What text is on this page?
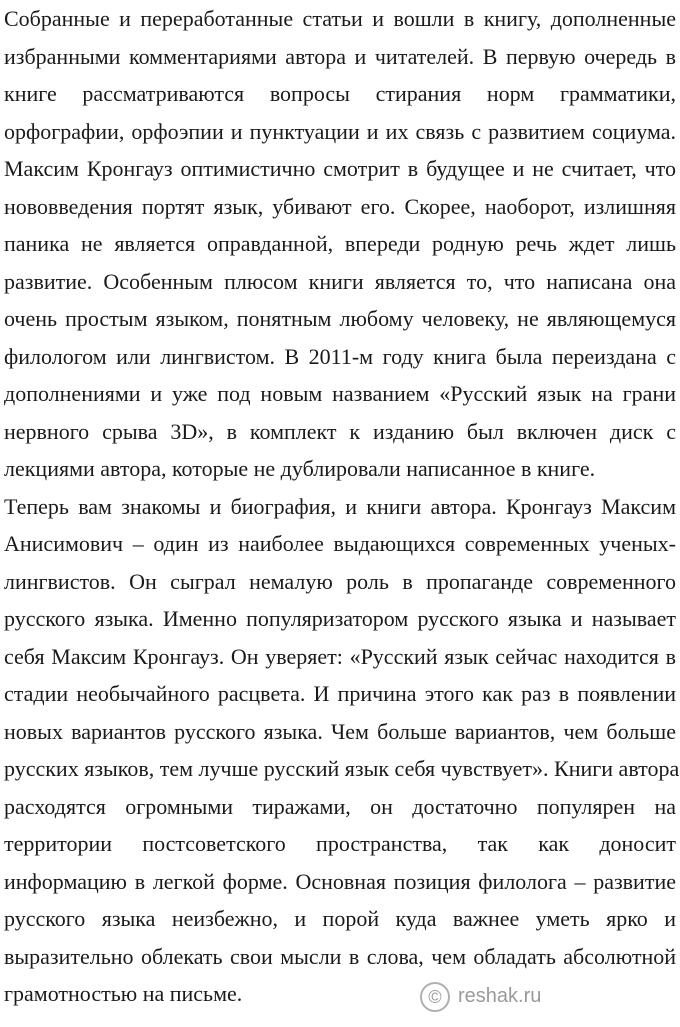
Собранные и переработанные статьи и вошли в книгу, дополненные
избранными комментариями автора и читателей. В первую очередь в
книге рассматриваются вопросы стирания норм грамматики,
орфографии, орфоэпии и пунктуации и их связь с развитием социума.
Максим Кронгауз оптимистично смотрит в будущее и не считает, что
нововведения портят язык, убивают его. Скорее, наоборот, излишняя
паника не является оправданной, впереди родную речь ждет лишь
развитие. Особенным плюсом книги является то, что написана она
очень простым языком, понятным любому человеку, не являющемуся
филологом или лингвистом. В 2011-м году книга была переиздана с
дополнениями и уже под новым названием «Русский язык на грани
нервного срыва 3D», в комплект к изданию был включен диск с
лекциями автора, которые не дублировали написанное в книге.
Теперь вам знакомы и биография, и книги автора. Кронгауз Максим
Анисимович – один из наиболее выдающихся современных ученых-
лингвистов. Он сыграл немалую роль в пропаганде современного
русского языка. Именно популяризатором русского языка и называет
себя Максим Кронгауз. Он уверяет: «Русский язык сейчас находится в
стадии необычайного расцвета. И причина этого как раз в появлении
новых вариантов русского языка. Чем больше вариантов, чем больше
русских языков, тем лучше русский язык себя чувствует». Книги автора
расходятся огромными тиражами, он достаточно популярен на
территории постсоветского пространства, так как доносит
информацию в легкой форме. Основная позиция филолога – развитие
русского языка неизбежно, и порой куда важнее уметь ярко и
выразительно облекать свои мысли в слова, чем обладать абсолютной
грамотностью на письме.	© reshak.ru
